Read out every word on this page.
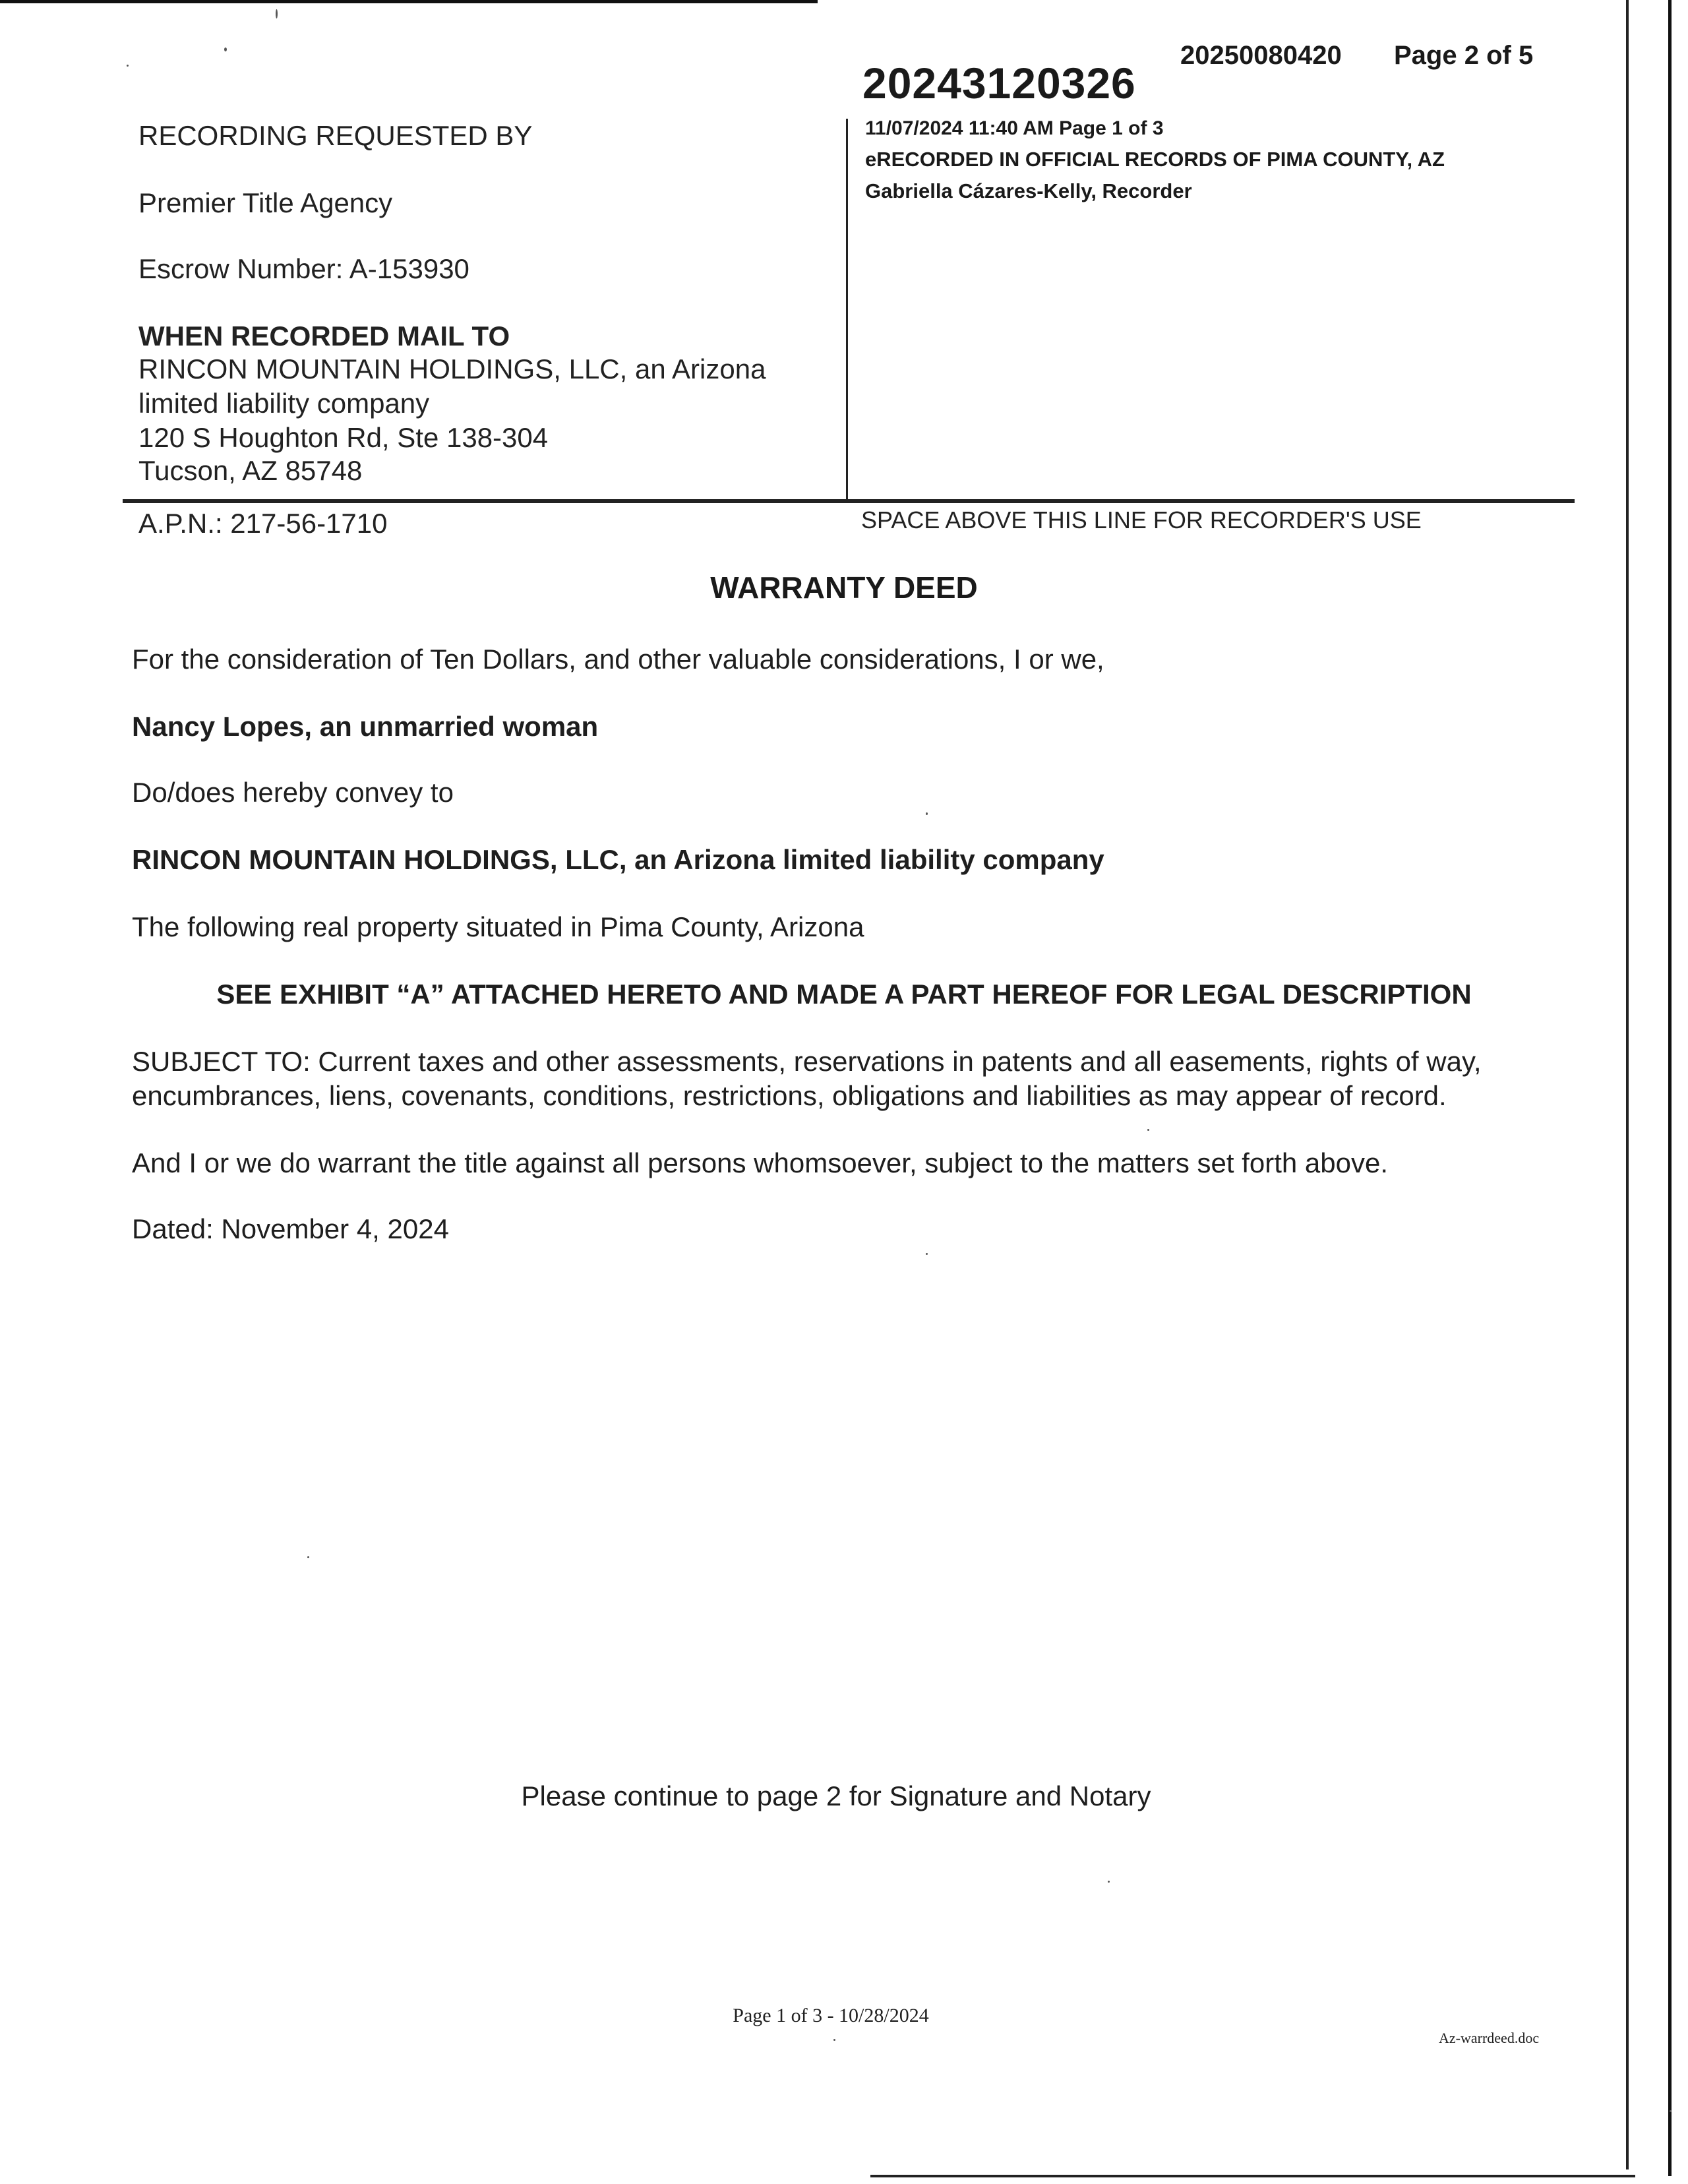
20250080420 Page 2 of 5
20243120326
11/07/2024 11:40 AM Page 1 of 3
eRECORDED IN OFFICIAL RECORDS OF PIMA COUNTY, AZ
Gabriella Cázares-Kelly, Recorder
RECORDING REQUESTED BY
Premier Title Agency
Escrow Number: A-153930
WHEN RECORDED MAIL TO
RINCON MOUNTAIN HOLDINGS, LLC, an Arizona
limited liability company
120 S Houghton Rd, Ste 138-304
Tucson, AZ 85748
A.P.N.: 217-56-1710	SPACE ABOVE THIS LINE FOR RECORDER'S USE
WARRANTY DEED
For the consideration of Ten Dollars, and other valuable considerations, I or we,
Nancy Lopes, an unmarried woman
Do/does hereby convey to
RINCON MOUNTAIN HOLDINGS, LLC, an Arizona limited liability company
The following real property situated in Pima County, Arizona
SEE EXHIBIT “A” ATTACHED HERETO AND MADE A PART HEREOF FOR LEGAL DESCRIPTION
SUBJECT TO: Current taxes and other assessments, reservations in patents and all easements, rights of way,
encumbrances, liens, covenants, conditions, restrictions, obligations and liabilities as may appear of record.
And I or we do warrant the title against all persons whomsoever, subject to the matters set forth above.
Dated: November 4, 2024
Please continue to page 2 for Signature and Notary
Page 1 of 3 - 10/28/2024
Az-warrdeed.doc
